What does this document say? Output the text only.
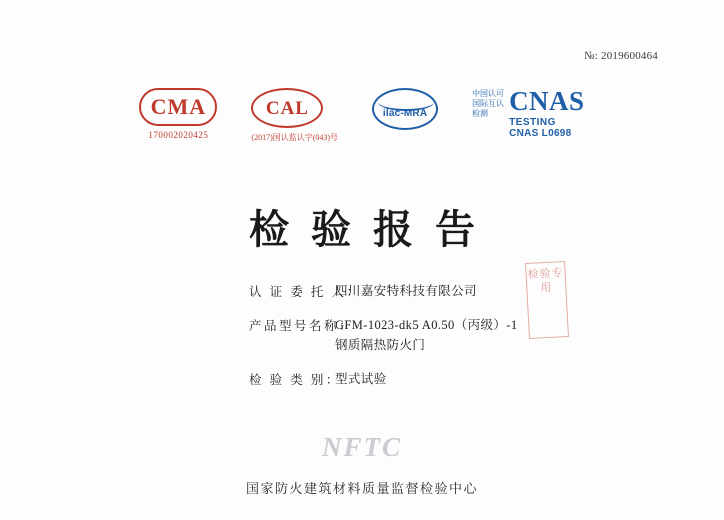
№: 2019600464
CMA
170002020425
CAL
(2017)国认监认字(043)号
ilac-MRA
中国认可
国际互认
检测 CNAS
TESTING
CNAS L0698
检验报告
认 证 委 托 人：
四川嘉安特科技有限公司
产品型号名称：
GFM-1023-dk5 A0.50（丙级）-1
钢质隔热防火门
检 验 类 别：
型式试验
检验专用
NFTC
国家防火建筑材料质量监督检验中心
